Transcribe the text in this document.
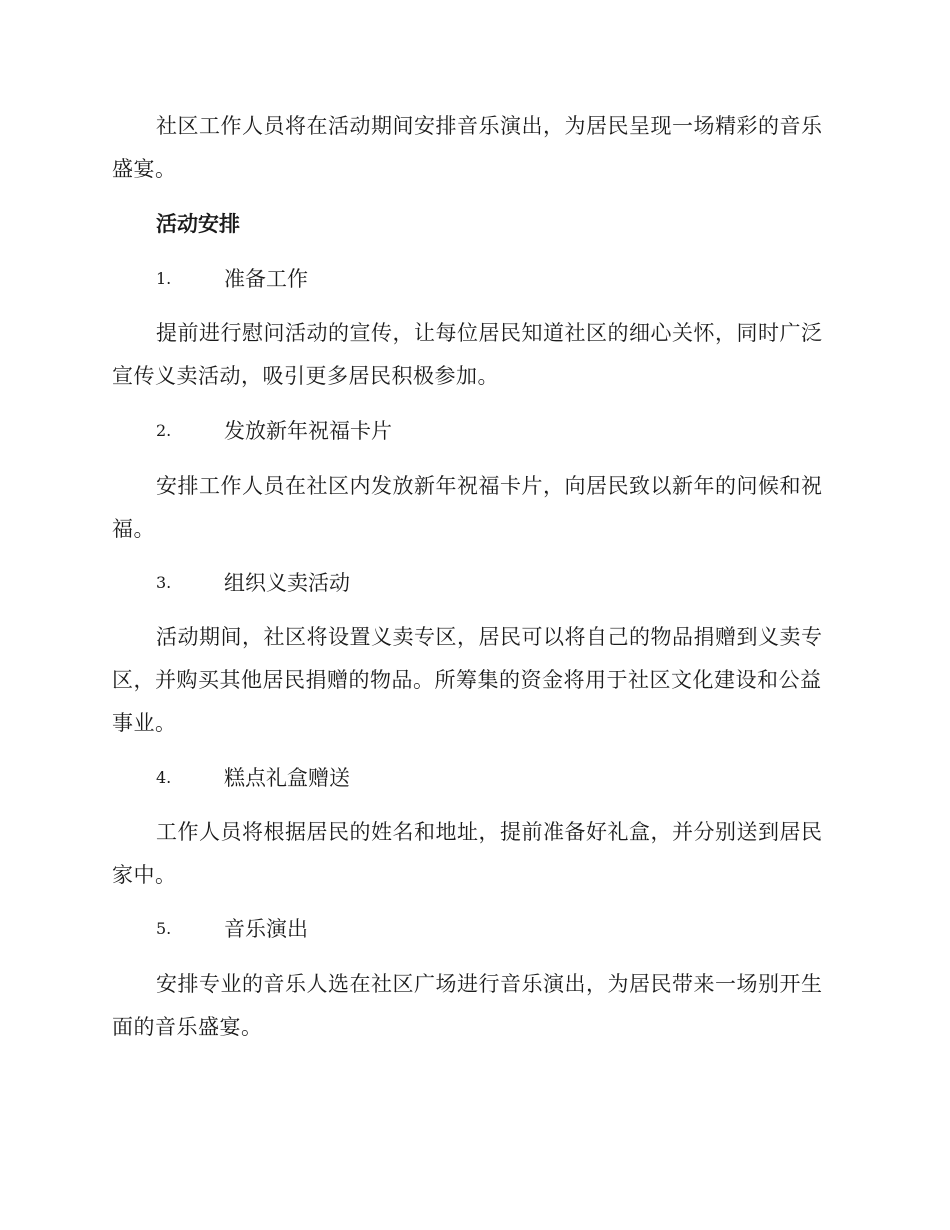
社区工作人员将在活动期间安排音乐演出，为居民呈现一场精彩的音乐盛宴。

活动安排
1.	准备工作

提前进行慰问活动的宣传，让每位居民知道社区的细心关怀，同时广泛宣传义卖活动，吸引更多居民积极参加。

2.	发放新年祝福卡片

安排工作人员在社区内发放新年祝福卡片，向居民致以新年的问候和祝福。

3.	组织义卖活动

活动期间，社区将设置义卖专区，居民可以将自己的物品捐赠到义卖专区，并购买其他居民捐赠的物品。所筹集的资金将用于社区文化建设和公益事业。

4.	糕点礼盒赠送

工作人员将根据居民的姓名和地址，提前准备好礼盒，并分别送到居民家中。

5.	音乐演出

安排专业的音乐人选在社区广场进行音乐演出，为居民带来一场别开生面的音乐盛宴。
